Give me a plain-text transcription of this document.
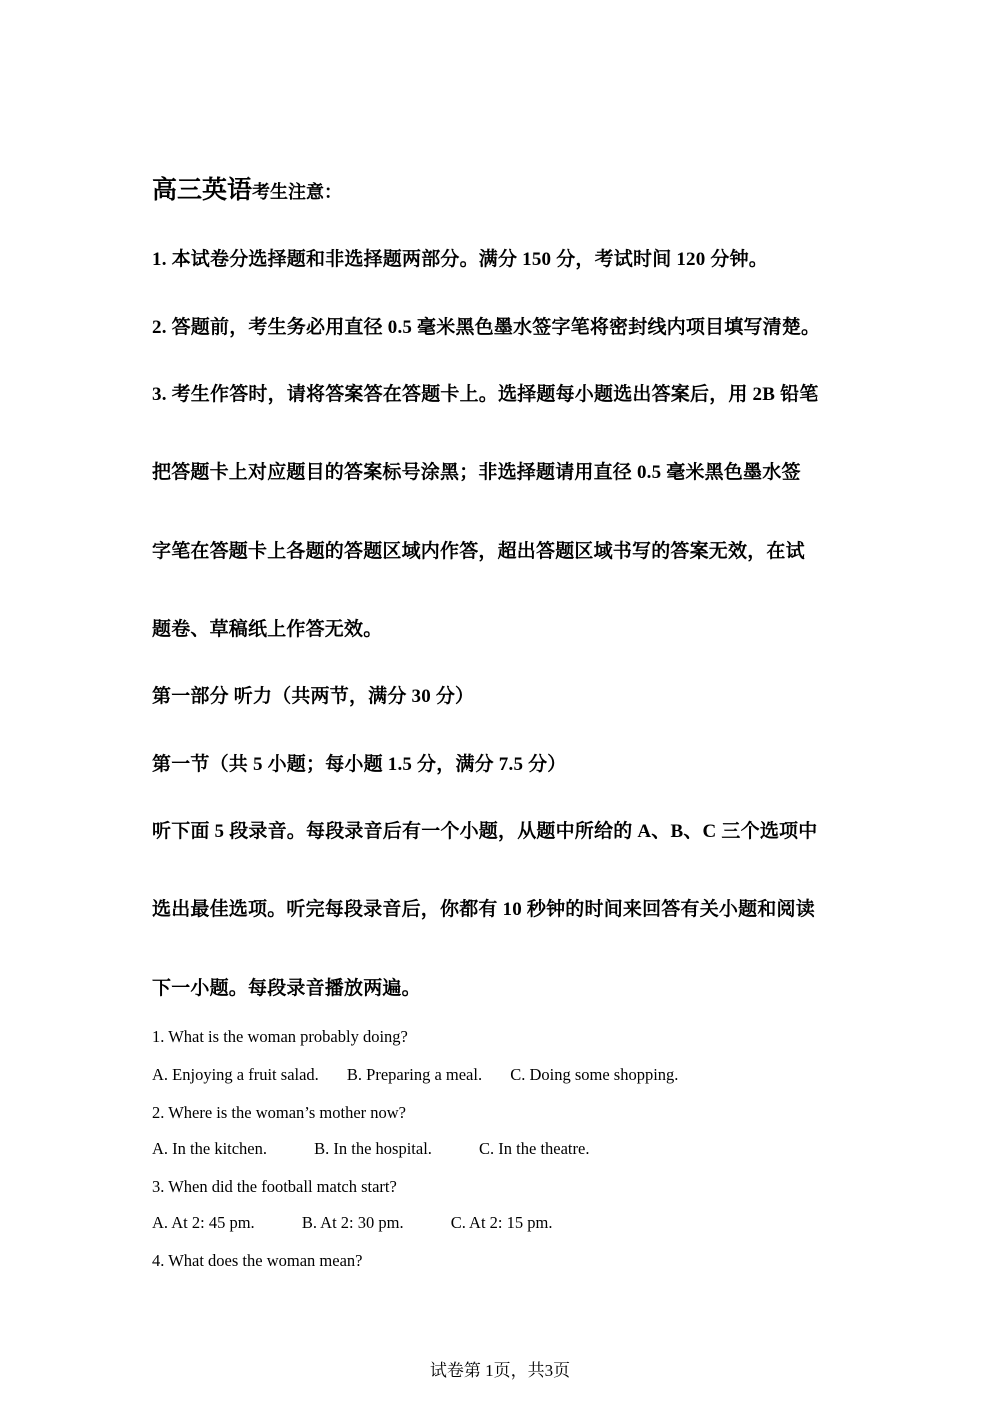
高三英语考生注意：
1. 本试卷分选择题和非选择题两部分。满分 150 分，考试时间 120 分钟。
2. 答题前，考生务必用直径 0.5 毫米黑色墨水签字笔将密封线内项目填写清楚。
3. 考生作答时，请将答案答在答题卡上。选择题每小题选出答案后，用 2B 铅笔
把答题卡上对应题目的答案标号涂黑；非选择题请用直径 0.5 毫米黑色墨水签
字笔在答题卡上各题的答题区域内作答，超出答题区域书写的答案无效，在试
题卷、草稿纸上作答无效。
第一部分 听力（共两节，满分 30 分）
第一节（共 5 小题；每小题 1.5 分，满分 7.5 分）
听下面 5 段录音。每段录音后有一个小题，从题中所给的 A、B、C 三个选项中
选出最佳选项。听完每段录音后，你都有 10 秒钟的时间来回答有关小题和阅读
下一小题。每段录音播放两遍。
1. What is the woman probably doing?
A. Enjoying a fruit salad. B. Preparing a meal. C. Doing some shopping.
2. Where is the woman’s mother now?
A. In the kitchen.	B. In the hospital.	C. In the theatre.
3. When did the football match start?
A. At 2: 45 pm.	B. At 2: 30 pm.	C. At 2: 15 pm.
4. What does the woman mean?
试卷第 1页，共3页
